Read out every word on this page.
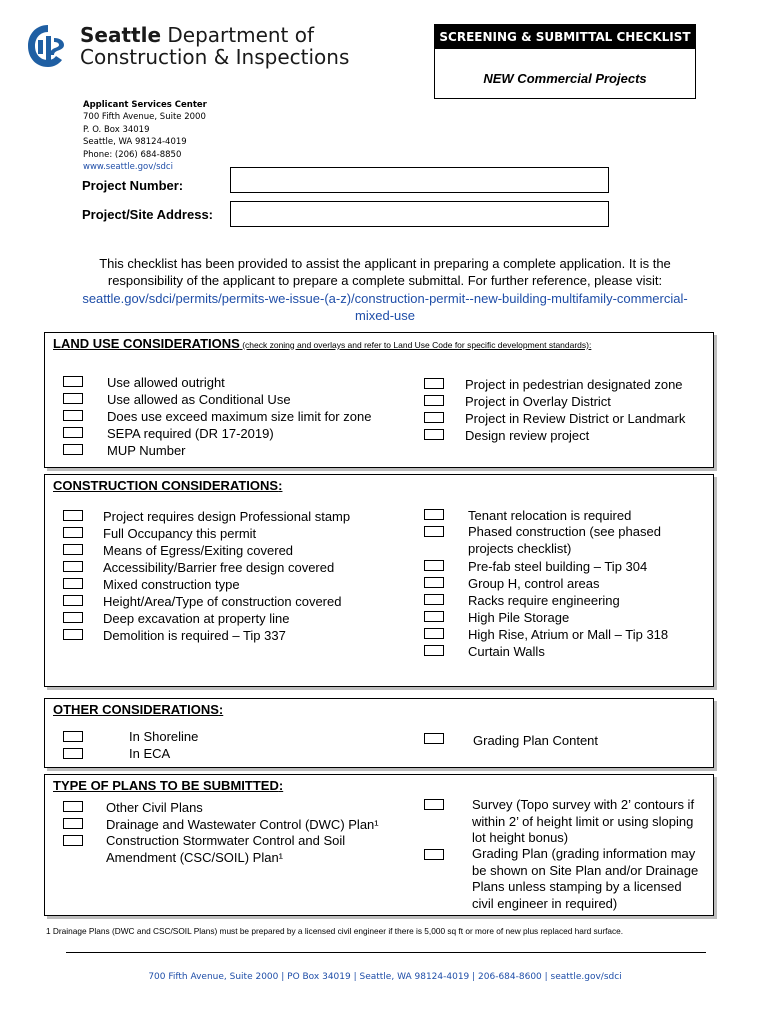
Seattle Department of
Construction & Inspections
SCREENING & SUBMITTAL CHECKLIST
NEW Commercial Projects
Applicant Services Center
700 Fifth Avenue, Suite 2000
P. O. Box 34019
Seattle, WA 98124-4019
Phone: (206) 684-8850
www.seattle.gov/sdci
Project Number:
Project/Site Address:
This checklist has been provided to assist the applicant in preparing a complete application. It is the responsibility of the applicant to prepare a complete submittal. For further reference, please visit: seattle.gov/sdci/permits/permits-we-issue-(a-z)/construction-permit--new-building-multifamily-commercial-mixed-use
LAND USE CONSIDERATIONS (check zoning and overlays and refer to Land Use Code for specific development standards):
Use allowed outright
Use allowed as Conditional Use
Does use exceed maximum size limit for zone
SEPA required (DR 17-2019)
MUP Number
Project in pedestrian designated zone
Project in Overlay District
Project in Review District or Landmark
Design review project
CONSTRUCTION CONSIDERATIONS:
Project requires design Professional stamp
Full Occupancy this permit
Means of Egress/Exiting covered
Accessibility/Barrier free design covered
Mixed construction type
Height/Area/Type of construction covered
Deep excavation at property line
Demolition is required – Tip 337
Tenant relocation is required
Phased construction (see phased projects checklist)
Pre-fab steel building – Tip 304
Group H, control areas
Racks require engineering
High Pile Storage
High Rise, Atrium or Mall – Tip 318
Curtain Walls
OTHER CONSIDERATIONS:
In Shoreline
In ECA
Grading Plan Content
TYPE OF PLANS TO BE SUBMITTED:
Other Civil Plans
Drainage and Wastewater Control (DWC) Plan¹
Construction Stormwater Control and Soil Amendment (CSC/SOIL) Plan¹
Survey (Topo survey with 2’ contours if within 2’ of height limit or using sloping lot height bonus)
Grading Plan (grading information may be shown on Site Plan and/or Drainage Plans unless stamping by a licensed civil engineer in required)
1 Drainage Plans (DWC and CSC/SOIL Plans) must be prepared by a licensed civil engineer if there is 5,000 sq ft or more of new plus replaced hard surface.
700 Fifth Avenue, Suite 2000 | PO Box 34019 | Seattle, WA 98124-4019 | 206-684-8600 | seattle.gov/sdci
